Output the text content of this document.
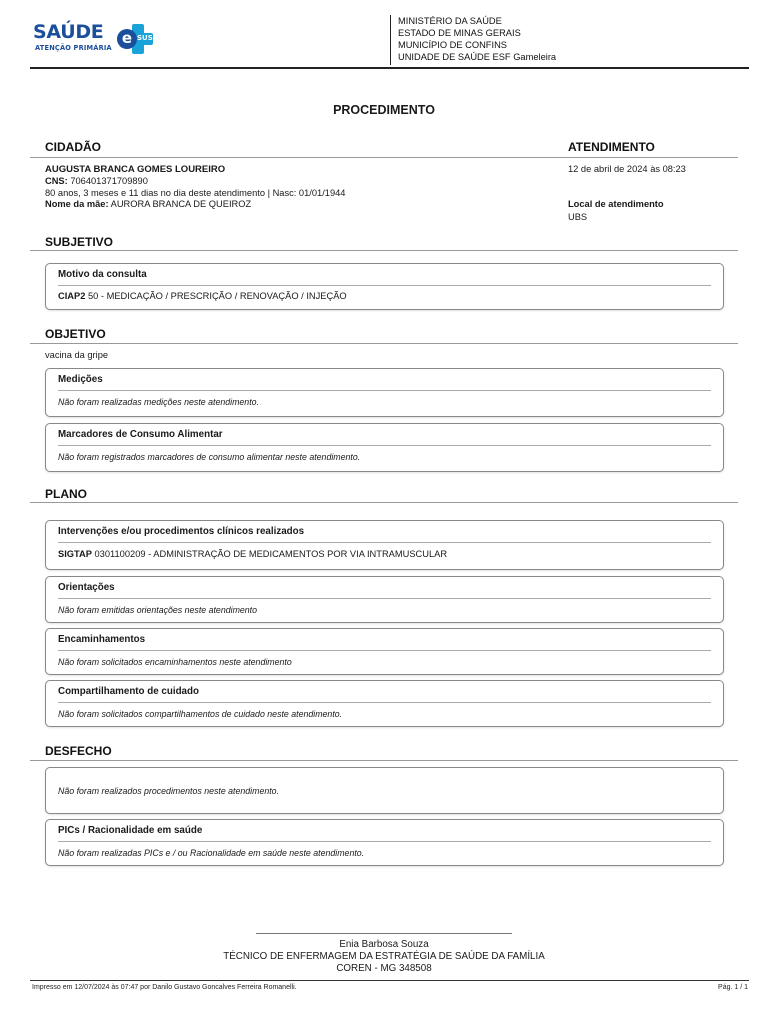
SAÚDE	e SUS
ATENÇÃO PRIMÁRIA
MINISTÉRIO DA SAÚDE
ESTADO DE MINAS GERAIS
MUNICÍPIO DE CONFINS
UNIDADE DE SAÚDE ESF Gameleira
PROCEDIMENTO
CIDADÃO	ATENDIMENTO
AUGUSTA BRANCA GOMES LOUREIRO
CNS: 70640137170989​0
80 anos, 3 meses e 11 dias no dia deste atendimento | Nasc: 01/01/1944
Nome da mãe: AURORA BRANCA DE QUEIROZ
12 de abril de 2024 às 08:23
Local de atendimento
UBS
SUBJETIVO
Motivo da consulta
CIAP2 50 - MEDICAÇÃO / PRESCRIÇÃO / RENOVAÇÃO / INJEÇÃO
OBJETIVO
vacina da gripe
Medições
Não foram realizadas medições neste atendimento.
Marcadores de Consumo Alimentar
Não foram registrados marcadores de consumo alimentar neste atendimento.
PLANO
Intervenções e/ou procedimentos clínicos realizados
SIGTAP 0301100209 - ADMINISTRAÇÃO DE MEDICAMENTOS POR VIA INTRAMUSCULAR
Orientações
Não foram emitidas orientações neste atendimento
Encaminhamentos
Não foram solicitados encaminhamentos neste atendimento
Compartilhamento de cuidado
Não foram solicitados compartilhamentos de cuidado neste atendimento.
DESFECHO
Não foram realizados procedimentos neste atendimento.
PICs / Racionalidade em saúde
Não foram realizadas PICs e / ou Racionalidade em saúde neste atendimento.
Enia Barbosa Souza
TÉCNICO DE ENFERMAGEM DA ESTRATÉGIA DE SAÚDE DA FAMÍLIA
COREN - MG 348508
Impresso em 12/07/2024 às 07:47 por Danilo Gustavo Goncalves Ferreira Romanelli.	Pág. 1 / 1
